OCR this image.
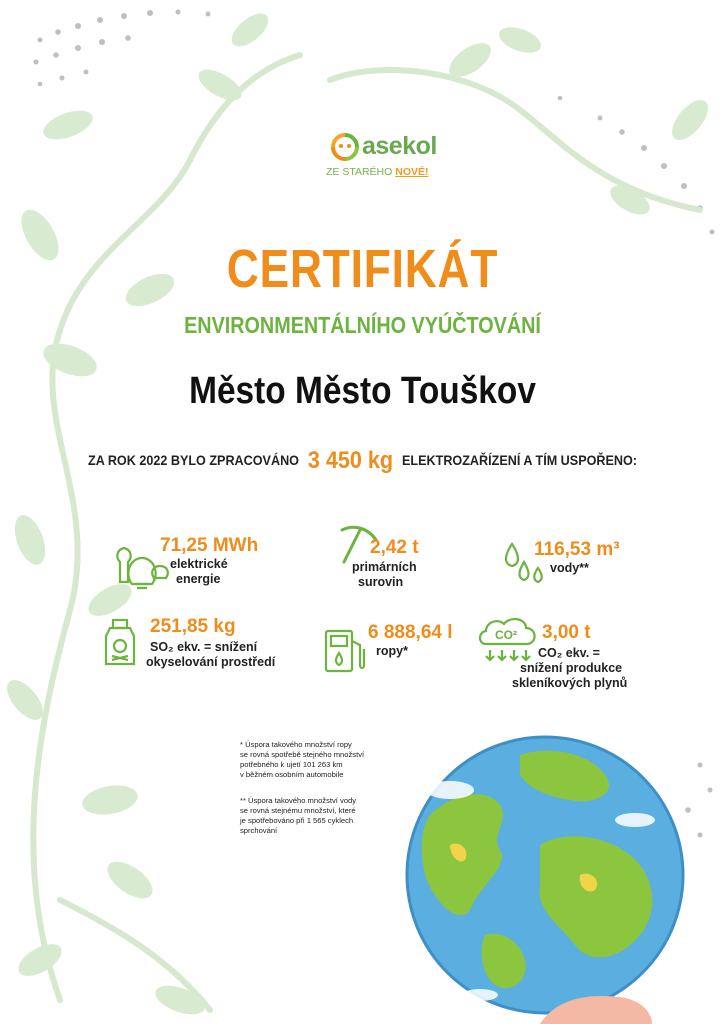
asekol
ZE STARÉHO NOVÉ!
CERTIFIKÁT
ENVIRONMENTÁLNÍHO VYÚČTOVÁNÍ
Město Město Touškov
ZA ROK 2022 BYLO ZPRACOVÁNO 3 450 kg ELEKTROZAŘÍZENÍ A TÍM USPOŘENO:
71,25 MWh
elektrické
energie
2,42 t
primárních
surovin
116,53 m³
vody**
251,85 kg
SO₂ ekv. = snížení
okyselování prostředí
6 888,64 l
ropy*
CO² 3,00 t
CO₂ ekv. =
snížení produkce
skleníkových plynů
* Úspora takového množství ropy
se rovná spotřebě stejného množství
potřebného k ujetí 101 263 km
v běžném osobním automobile
** Úspora takového množství vody
se rovná stejnému množství, které
je spotřebováno při 1 565 cyklech
sprchování
